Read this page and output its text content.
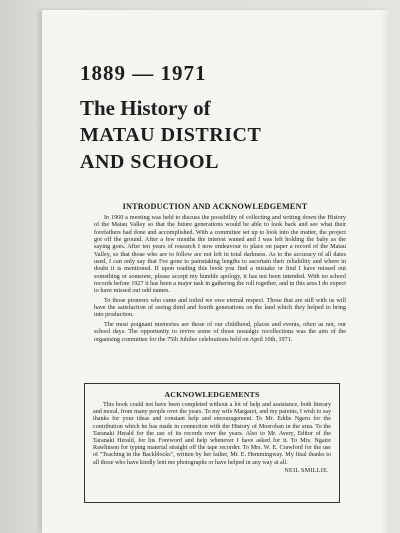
1889 — 1971
The History of
MATAU DISTRICT
AND SCHOOL
INTRODUCTION AND ACKNOWLEDGEMENT

In 1960 a meeting was held to discuss the possibility of collecting and writing down the History of the Matau Valley so that the future generations would be able to look back and see what their forefathers had done and accomplished. With a committee set up to look into the matter, the project got off the ground. After a few months the interest waned and I was left holding the baby as the saying goes. After ten years of research I now endeavour to place on paper a record of the Matau Valley, so that those who are to follow are not left in total darkness. As to the accuracy of all dates used, I can only say that I've gone to painstaking lengths to ascertain their reliability and where in doubt it is mentioned. If upon reading this book you find a mistake or find I have missed out something or someone, please accept my humble apology, it has not been intended. With no school records before 1927 it has been a major task in gathering the roll together, and in this area I do expect to have missed out odd names.

To those pioneers who came and toiled we owe eternal respect. Those that are still with us will have the satisfaction of seeing third and fourth generations on the land which they helped to bring into production.

The most poignant memories are those of our childhood, places and events, often as not, our school days. The opportunity to revive some of those nostalgic recollections was the aim of the organising committee for the 75th Jubilee celebrations held on April 10th, 1971.

ACKNOWLEDGEMENTS

This book could not have been completed without a lot of help and assistance, both literary and moral, from many people over the years. To my wife Margaret, and my parents, I wish to say thanks for your ideas and constant help and encouragement. To Mr. Eddie Ngeru for the contribution which he has made in connection with the History of Moeroban in the area. To the Taranaki Herald for the use of its records over the years. Also to Mr. Avery, Editor of the Taranaki Herald, for his Foreword and help whenever I have asked for it. To Mrs. Ngaire Rawlinson for typing material straight off the tape recorder. To Mrs. W. E. Crawford for the use of "Teaching in the Backblocks", written by her father, Mr. E. Hemmingway. My final thanks to all those who have kindly lent me photographs or have helped in any way at all.

NEIL SMILLIE.
